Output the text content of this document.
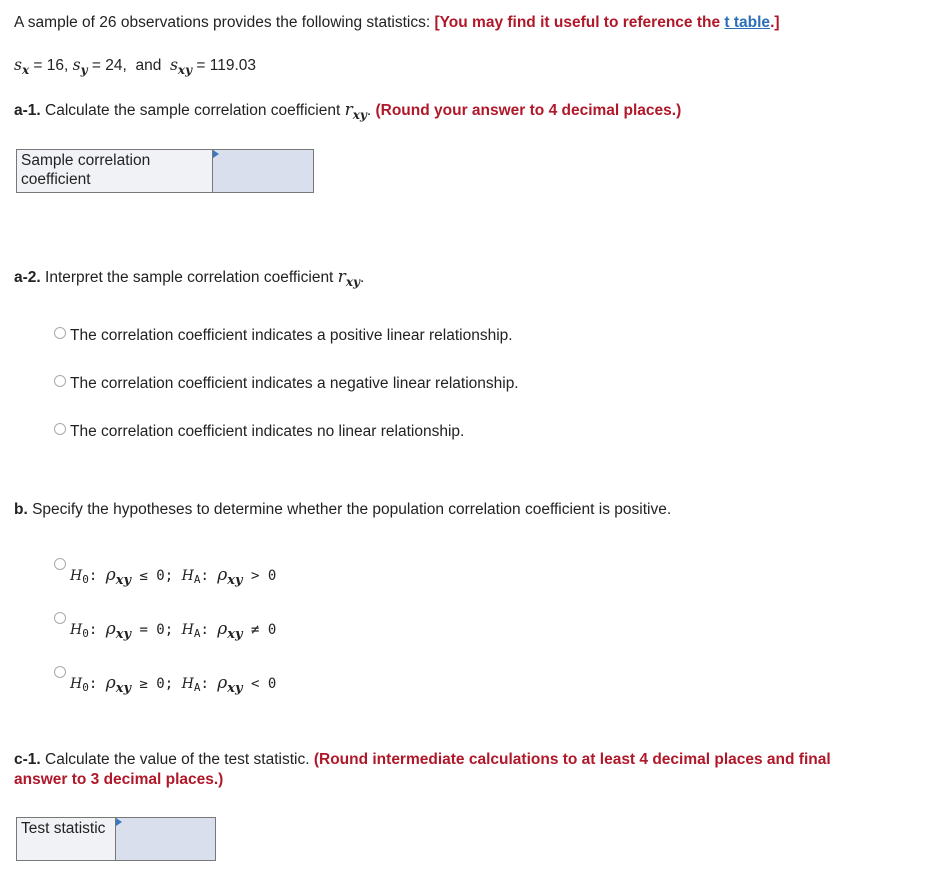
A sample of 26 observations provides the following statistics: [You may find it useful to reference the t table.]
$s_x = 16$, $s_y = 24$, and $s_{xy} = 119.03$
a-1. Calculate the sample correlation coefficient $r_{xy}$. (Round your answer to 4 decimal places.)
Sample correlation coefficient
a-2. Interpret the sample correlation coefficient $r_{xy}$.
The correlation coefficient indicates a positive linear relationship.
The correlation coefficient indicates a negative linear relationship.
The correlation coefficient indicates no linear relationship.
b. Specify the hypotheses to determine whether the population correlation coefficient is positive.
$H_0$: ρxy ≤ 0; $H_A$: ρxy > 0
$H_0$: ρxy = 0; $H_A$: ρxy ≠ 0
$H_0$: ρxy ≥ 0; $H_A$: ρxy < 0
c-1. Calculate the value of the test statistic. (Round intermediate calculations to at least 4 decimal places and final
answer to 3 decimal places.)
Test statistic
